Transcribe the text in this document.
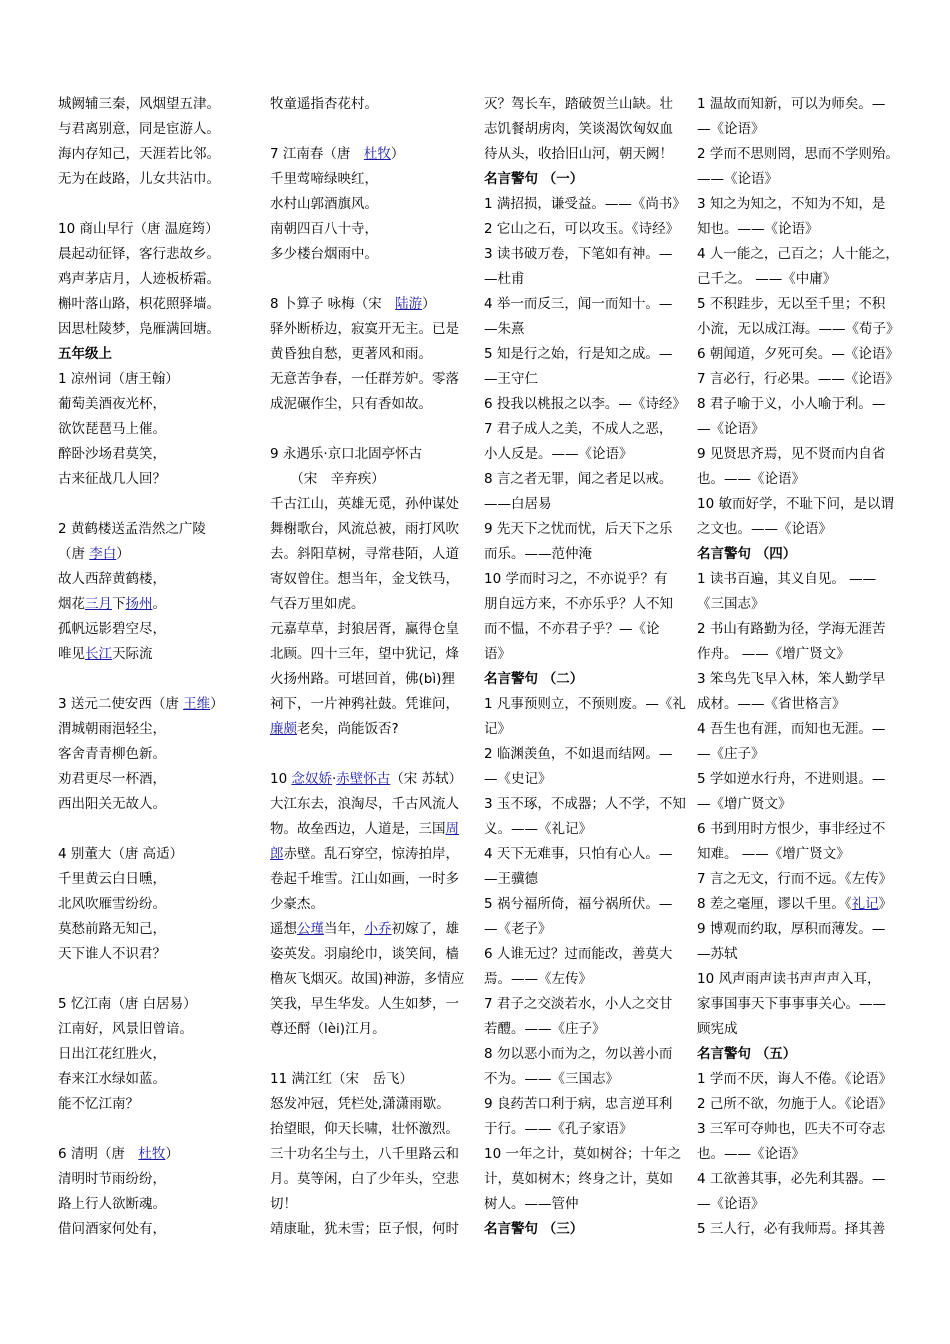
城阙辅三秦，风烟望五津。

与君离别意，同是宦游人。

海内存知己，天涯若比邻。

无为在歧路，儿女共沾巾。

10 商山早行（唐 温庭筠）

晨起动征铎，客行悲故乡。

鸡声茅店月，人迹板桥霜。

槲叶落山路，枳花照驿墙。

因思杜陵梦，凫雁满回塘。

五年级上

1 凉州词（唐王翰）

葡萄美酒夜光杯，

欲饮琵琶马上催。

醉卧沙场君莫笑，

古来征战几人回？

2 黄鹤楼送孟浩然之广陵

（唐 李白）

故人西辞黄鹤楼，

烟花三月下扬州。

孤帆远影碧空尽，

唯见长江天际流

3 送元二使安西（唐 王维）

渭城朝雨浥轻尘，

客舍青青柳色新。

劝君更尽一杯酒，

西出阳关无故人。

4 别董大（唐 高适）

千里黄云白日曛，

北风吹雁雪纷纷。

莫愁前路无知己，

天下谁人不识君？

5 忆江南（唐 白居易）

江南好，风景旧曾谙。

日出江花红胜火，

春来江水绿如蓝。

能不忆江南？

6 清明（唐　杜牧）

清明时节雨纷纷，

路上行人欲断魂。

借问酒家何处有，

牧童遥指杏花村。

7 江南春（唐　杜牧）

千里莺啼绿映红，

水村山郭酒旗风。

南朝四百八十寺，

多少楼台烟雨中。

8 卜算子 咏梅（宋　陆游）

驿外断桥边，寂寞开无主。已是

黄昏独自愁，更著风和雨。

无意苦争春，一任群芳妒。零落

成泥碾作尘，只有香如故。

9 永遇乐·京口北固亭怀古

　　（宋　辛弃疾）

千古江山，英雄无觅，孙仲谋处

舞榭歌台，风流总被，雨打风吹

去。斜阳草树，寻常巷陌，人道

寄奴曾住。想当年，金戈铁马，

气吞万里如虎。

元嘉草草，封狼居胥，赢得仓皇

北顾。四十三年，望中犹记，烽

火扬州路。可堪回首，佛(bì)狸

祠下，一片神鸦社鼓。凭谁问，

廉颇老矣，尚能饭否?

10 念奴娇·赤壁怀古（宋 苏轼）

大江东去，浪淘尽，千古风流人

物。故垒西边，人道是，三国周

郎赤壁。乱石穿空，惊涛拍岸，

卷起千堆雪。江山如画，一时多

少豪杰。

遥想公瑾当年，小乔初嫁了，雄

姿英发。羽扇纶巾，谈笑间，樯

橹灰飞烟灭。故国)神游，多情应

笑我，早生华发。人生如梦，一

尊还酹（lèi)江月。

11 满江红（宋　岳飞）

怒发冲冠，凭栏处,潇潇雨歇。

抬望眼，仰天长啸，壮怀激烈。

三十功名尘与土，八千里路云和

月。莫等闲，白了少年头，空悲

切！

靖康耻，犹未雪；臣子恨，何时

灭？驾长车，踏破贺兰山缺。壮

志饥餐胡虏肉，笑谈渴饮匈奴血

待从头，收拾旧山河，朝天阙！

名言警句 （一）

1 满招损，谦受益。——《尚书》

2 它山之石，可以攻玉。《诗经》

3 读书破万卷，下笔如有神。—

—杜甫

4 举一而反三，闻一而知十。—

—朱熹

5 知是行之始，行是知之成。—

—王守仁

6 投我以桃报之以李。—《诗经》

7 君子成人之美，不成人之恶，

小人反是。——《论语》

8 言之者无罪，闻之者足以戒。

——白居易

9 先天下之忧而忧，后天下之乐

而乐。——范仲淹

10 学而时习之，不亦说乎？有

朋自远方来，不亦乐乎？人不知

而不愠，不亦君子乎？—《论

语》

名言警句 （二）

1 凡事预则立，不预则废。—《礼

记》

2 临渊羡鱼，不如退而结网。—

—《史记》

3 玉不琢，不成器；人不学，不知

义。——《礼记》

4 天下无难事，只怕有心人。—

—王骥德

5 祸兮福所倚，福兮祸所伏。—

—《老子》

6 人谁无过？过而能改，善莫大

焉。——《左传》

7 君子之交淡若水，小人之交甘

若醴。——《庄子》

8 勿以恶小而为之，勿以善小而

不为。——《三国志》

9 良药苦口利于病，忠言逆耳利

于行。——《孔子家语》

10 一年之计，莫如树谷；十年之

计，莫如树木；终身之计，莫如

树人。——管仲

名言警句 （三）

1 温故而知新，可以为师矣。—

—《论语》

2 学而不思则罔，思而不学则殆。

——《论语》

3 知之为知之，不知为不知，是

知也。——《论语》

4 人一能之，己百之；人十能之，

己千之。 ——《中庸》

5 不积跬步，无以至千里；不积

小流，无以成江海。——《荀子》

6 朝闻道，夕死可矣。—《论语》

7 言必行，行必果。——《论语》

8 君子喻于义，小人喻于利。—

—《论语》

9 见贤思齐焉，见不贤而内自省

也。——《论语》

10 敏而好学，不耻下问，是以谓

之文也。——《论语》

名言警句 （四）

1 读书百遍，其义自见。 ——

《三国志》

2 书山有路勤为径，学海无涯苦

作舟。 ——《增广贤文》

3 笨鸟先飞早入林，笨人勤学早

成材。——《省世格言》

4 吾生也有涯，而知也无涯。—

—《庄子》

5 学如逆水行舟，不进则退。—

—《增广贤文》

6 书到用时方恨少，事非经过不

知难。 ——《增广贤文》

7 言之无文，行而不远。《左传》

8 差之毫厘，谬以千里。《礼记》

9 博观而约取，厚积而薄发。—

—苏轼

10 风声雨声读书声声声入耳，

家事国事天下事事事关心。——

顾宪成

名言警句 （五）

1 学而不厌，诲人不倦。《论语》

2 己所不欲，勿施于人。《论语》

3 三军可夺帅也，匹夫不可夺志

也。——《论语》

4 工欲善其事，必先利其器。—

—《论语》

5 三人行，必有我师焉。择其善
